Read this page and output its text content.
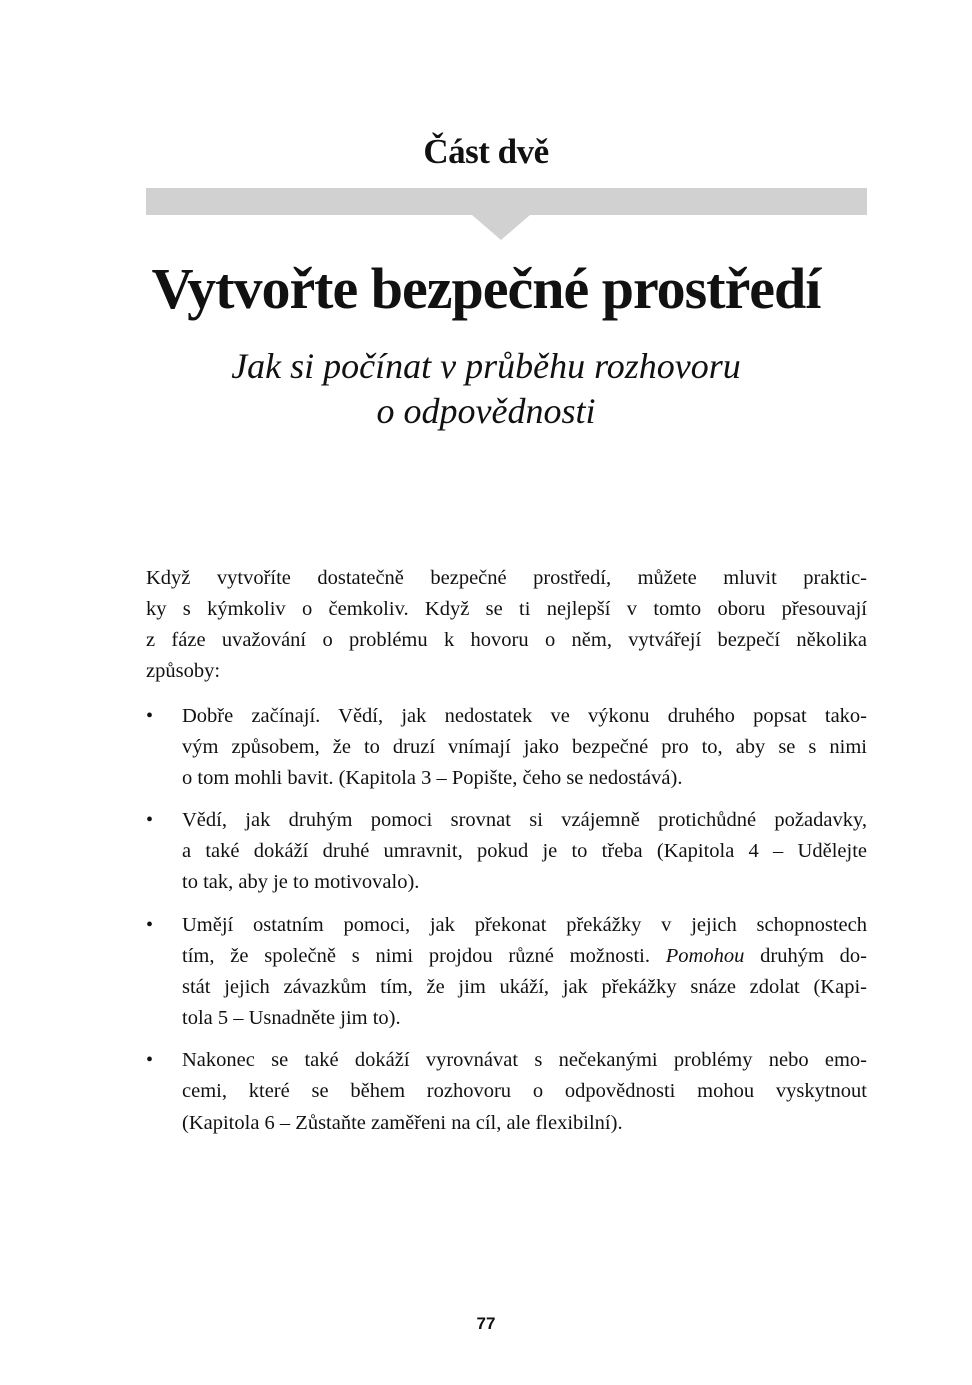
Část dvě
Vytvořte bezpečné prostředí
Jak si počínat v průběhu rozhovoru
o odpovědnosti
Když vytvoříte dostatečně bezpečné prostředí, můžete mluvit praktic-
ky s kýmkoliv o čemkoliv. Když se ti nejlepší v tomto oboru přesouvají
z fáze uvažování o problému k hovoru o něm, vytvářejí bezpečí několika
způsoby:
• Dobře začínají. Vědí, jak nedostatek ve výkonu druhého popsat tako-
vým způsobem, že to druzí vnímají jako bezpečné pro to, aby se s nimi
o tom mohli bavit. (Kapitola 3 – Popište, čeho se nedostává).
• Vědí, jak druhým pomoci srovnat si vzájemně protichůdné požadavky,
a také dokáží druhé umravnit, pokud je to třeba (Kapitola 4 – Udělejte
to tak, aby je to motivovalo).
• Umějí ostatním pomoci, jak překonat překážky v jejich schopnostech
tím, že společně s nimi projdou různé možnosti. Pomohou druhým do-
stát jejich závazkům tím, že jim ukáží, jak překážky snáze zdolat (Kapi-
tola 5 – Usnadněte jim to).
• Nakonec se také dokáží vyrovnávat s nečekanými problémy nebo emo-
cemi, které se během rozhovoru o odpovědnosti mohou vyskytnout
(Kapitola 6 – Zůstaňte zaměřeni na cíl, ale flexibilní).
77
